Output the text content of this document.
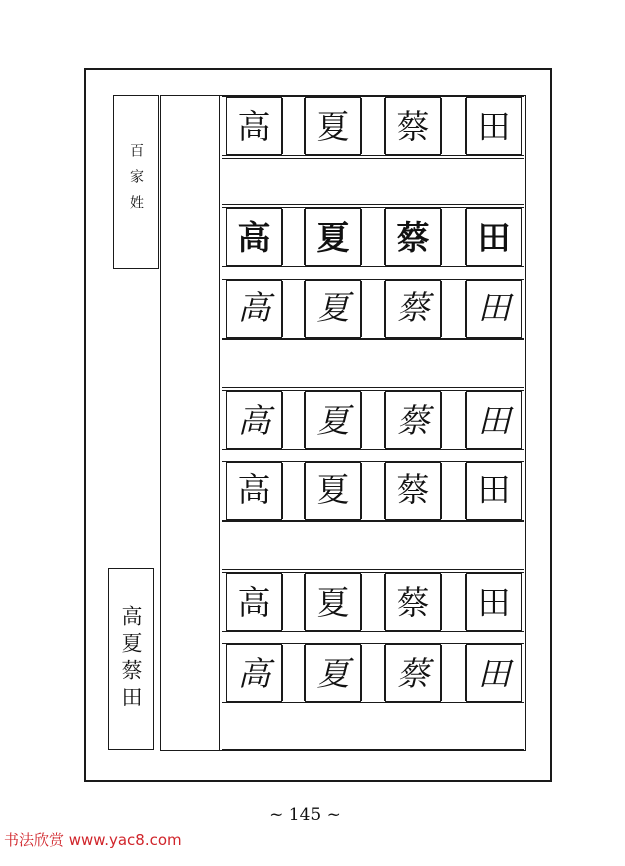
百家姓
高夏蔡田
高	夏	蔡	田
高	夏	蔡	田
高	夏	蔡	田
高	夏	蔡	田
高	夏	蔡	田
高	夏	蔡	田
高	夏	蔡	田
~ 145 ~
书法欣赏 www.yac8.com
